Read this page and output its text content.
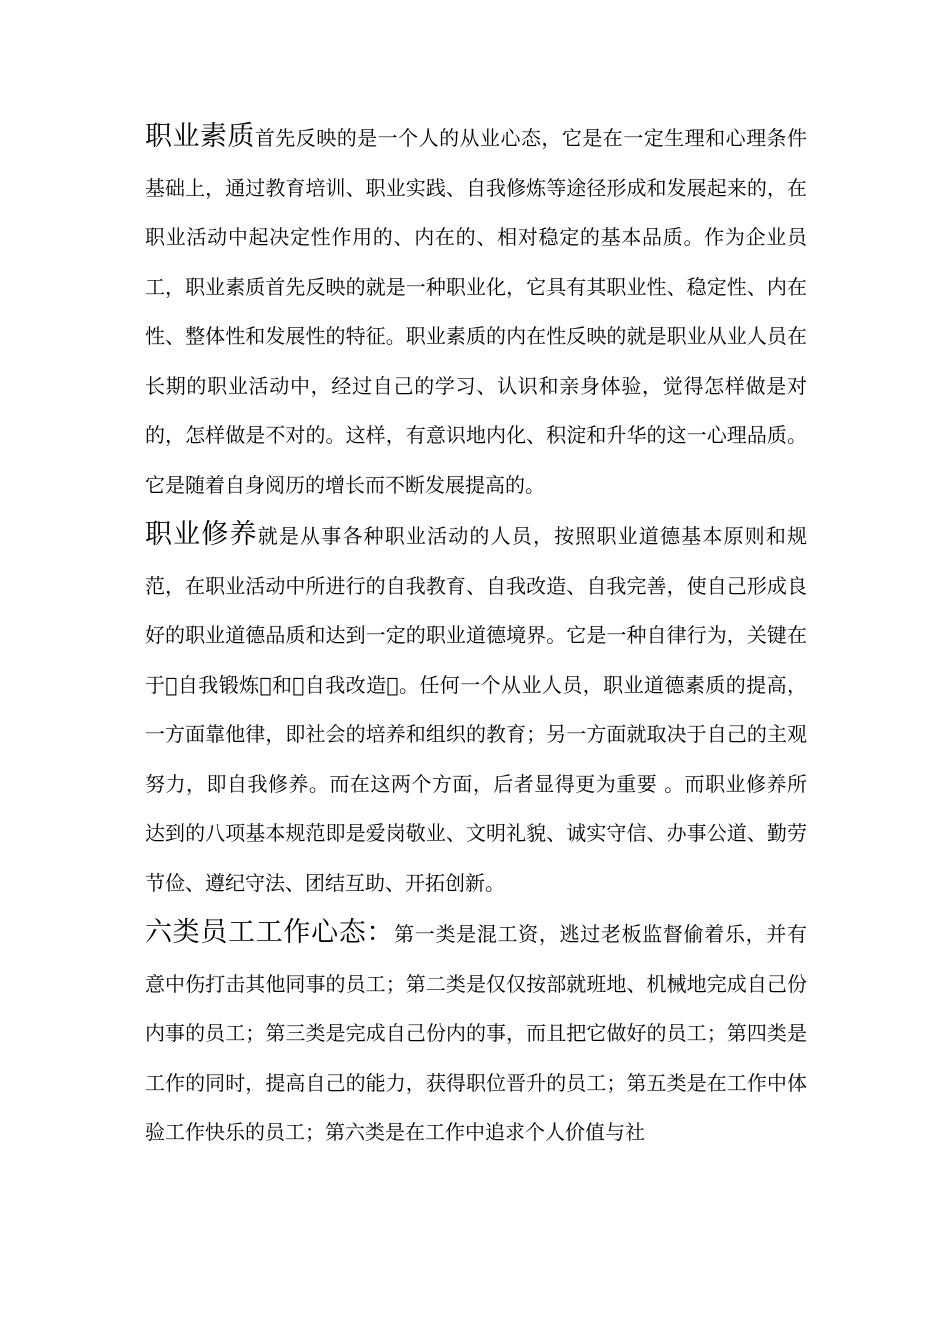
职业素质首先反映的是一个人的从业心态，它是在一定生理和心理条件基础上，通过教育培训、职业实践、自我修炼等途径形成和发展起来的，在职业活动中起决定性作用的、内在的、相对稳定的基本品质。作为企业员工，职业素质首先反映的就是一种职业化，它具有其职业性、稳定性、内在性、整体性和发展性的特征。职业素质的内在性反映的就是职业从业人员在长期的职业活动中，经过自己的学习、认识和亲身体验，觉得怎样做是对的，怎样做是不对的。这样，有意识地内化、积淀和升华的这一心理品质。它是随着自身阅历的增长而不断发展提高的。

职业修养就是从事各种职业活动的人员，按照职业道德基本原则和规范，在职业活动中所进行的自我教育、自我改造、自我完善，使自己形成良好的职业道德品质和达到一定的职业道德境界。它是一种自律行为，关键在于 自我锻炼 和 自我改造 。任何一个从业人员，职业道德素质的提高，一方面靠他律，即社会的培养和组织的教育；另一方面就取决于自己的主观努力，即自我修养。而在这两个方面，后者显得更为重要 。而职业修养所达到的八项基本规范即是爱岗敬业、文明礼貌、诚实守信、办事公道、勤劳节俭、遵纪守法、团结互助、开拓创新。

六类员工工作心态：第一类是混工资，逃过老板监督偷着乐，并有意中伤打击其他同事的员工；第二类是仅仅按部就班地、机械地完成自己份内事的员工；第三类是完成自己份内的事，而且把它做好的员工；第四类是工作的同时，提高自己的能力，获得职位晋升的员工；第五类是在工作中体验工作快乐的员工；第六类是在工作中追求个人价值与社
